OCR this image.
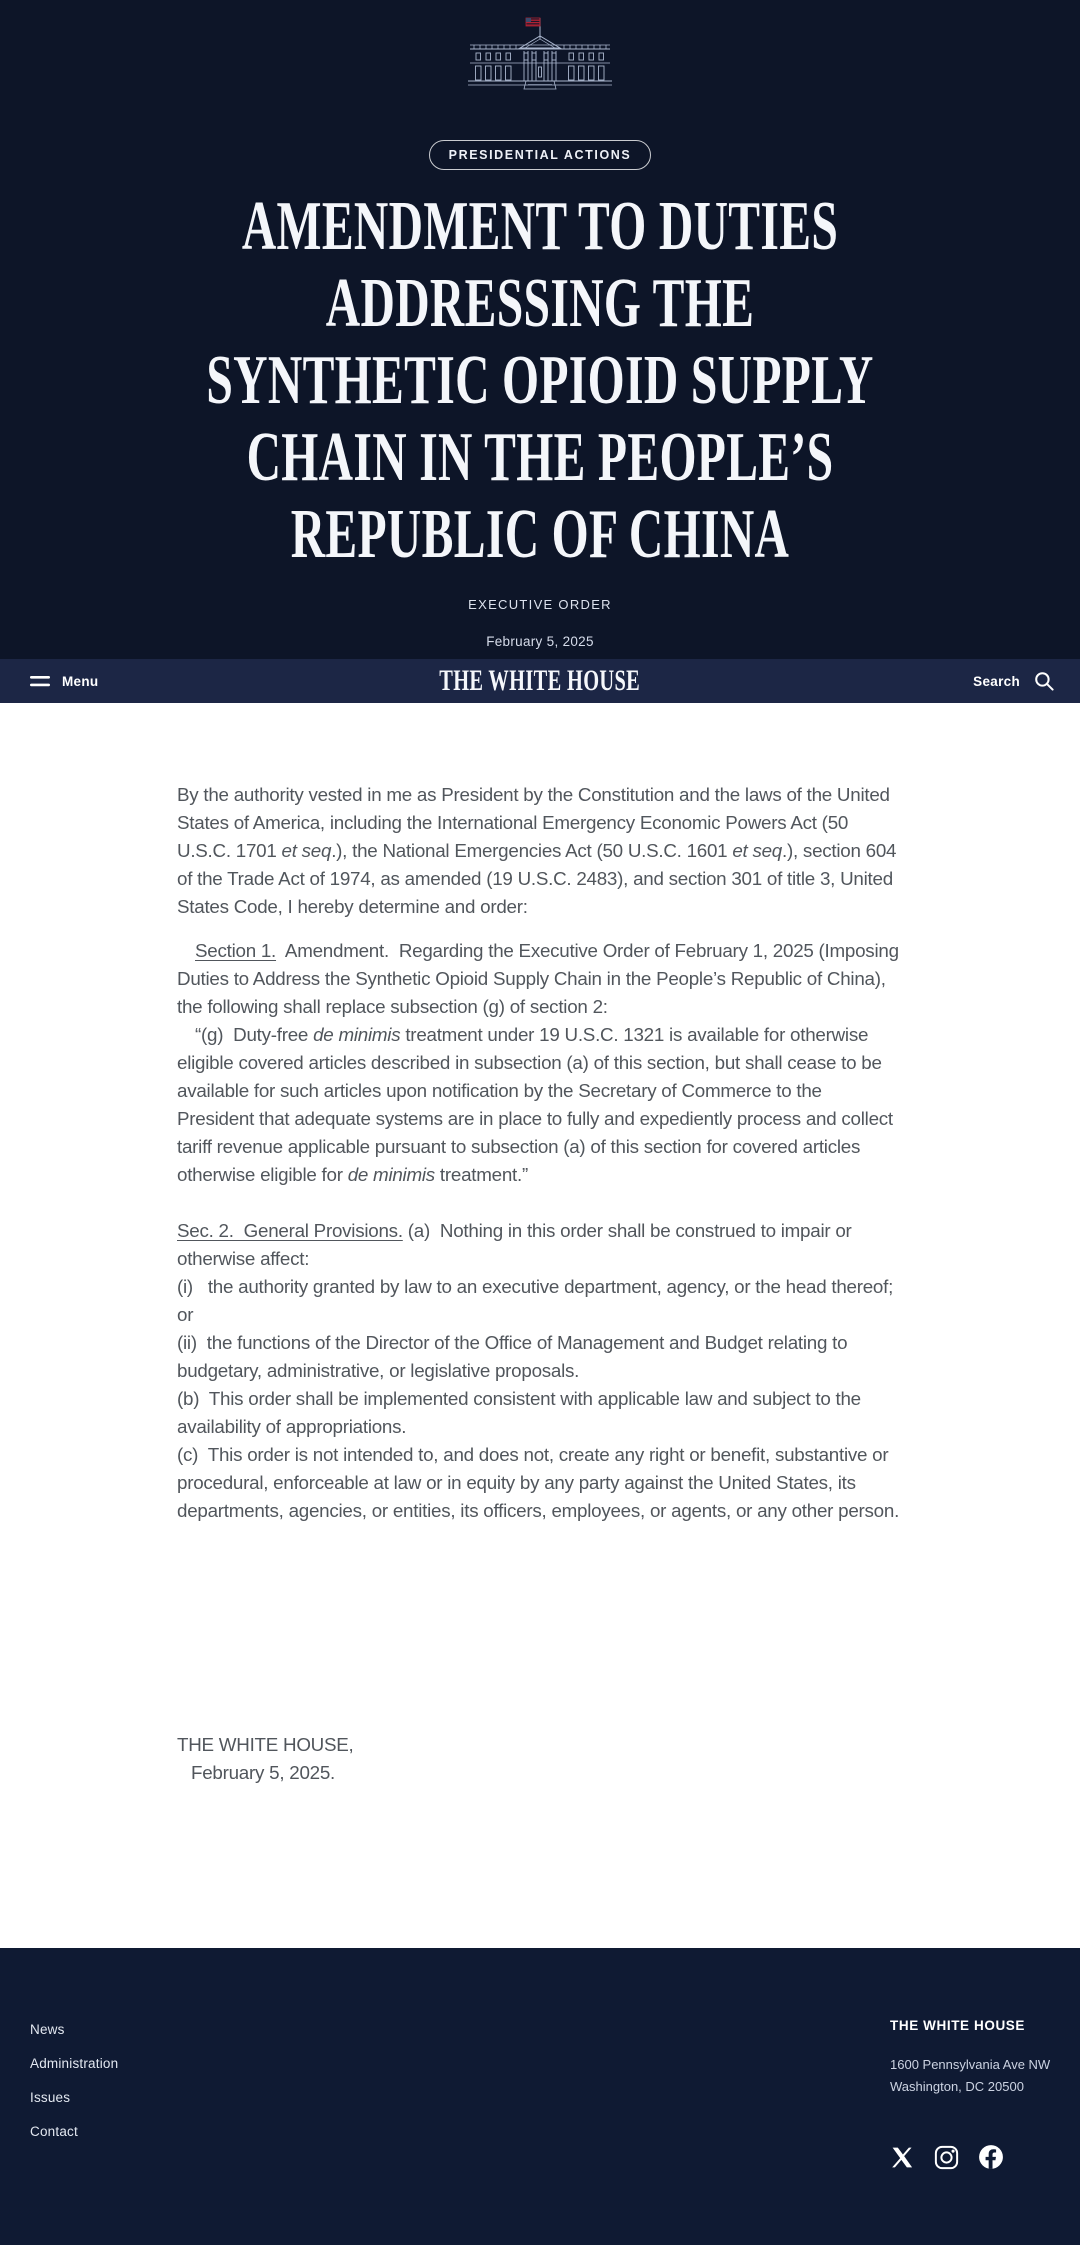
PRESIDENTIAL ACTIONS
AMENDMENT TO DUTIES
ADDRESSING THE
SYNTHETIC OPIOID SUPPLY
CHAIN IN THE PEOPLE’S
REPUBLIC OF CHINA
EXECUTIVE ORDER
February 5, 2025
Menu	THE WHITE HOUSE	Search

By the authority vested in me as President by the Constitution and the laws of the United States of America, including the International Emergency Economic Powers Act (50 U.S.C. 1701 et seq.), the National Emergencies Act (50 U.S.C. 1601 et seq.), section 604 of the Trade Act of 1974, as amended (19 U.S.C. 2483), and section 301 of title 3, United States Code, I hereby determine and order:

Section 1.  Amendment.  Regarding the Executive Order of February 1, 2025 (Imposing Duties to Address the Synthetic Opioid Supply Chain in the People’s Republic of China), the following shall replace subsection (g) of section 2:

“(g)  Duty-free de minimis treatment under 19 U.S.C. 1321 is available for otherwise eligible covered articles described in subsection (a) of this section, but shall cease to be available for such articles upon notification by the Secretary of Commerce to the President that adequate systems are in place to fully and expediently process and collect tariff revenue applicable pursuant to subsection (a) of this section for covered articles otherwise eligible for de minimis treatment.”

Sec. 2.  General Provisions. (a)  Nothing in this order shall be construed to impair or otherwise affect:

(i)   the authority granted by law to an executive department, agency, or the head thereof; or

(ii)  the functions of the Director of the Office of Management and Budget relating to budgetary, administrative, or legislative proposals.

(b)  This order shall be implemented consistent with applicable law and subject to the availability of appropriations.

(c)  This order is not intended to, and does not, create any right or benefit, substantive or procedural, enforceable at law or in equity by any party against the United States, its departments, agencies, or entities, its officers, employees, or agents, or any other person.

THE WHITE HOUSE,
February 5, 2025.
News
Administration
Issues
Contact
THE WHITE HOUSE
1600 Pennsylvania Ave NW
Washington, DC 20500
